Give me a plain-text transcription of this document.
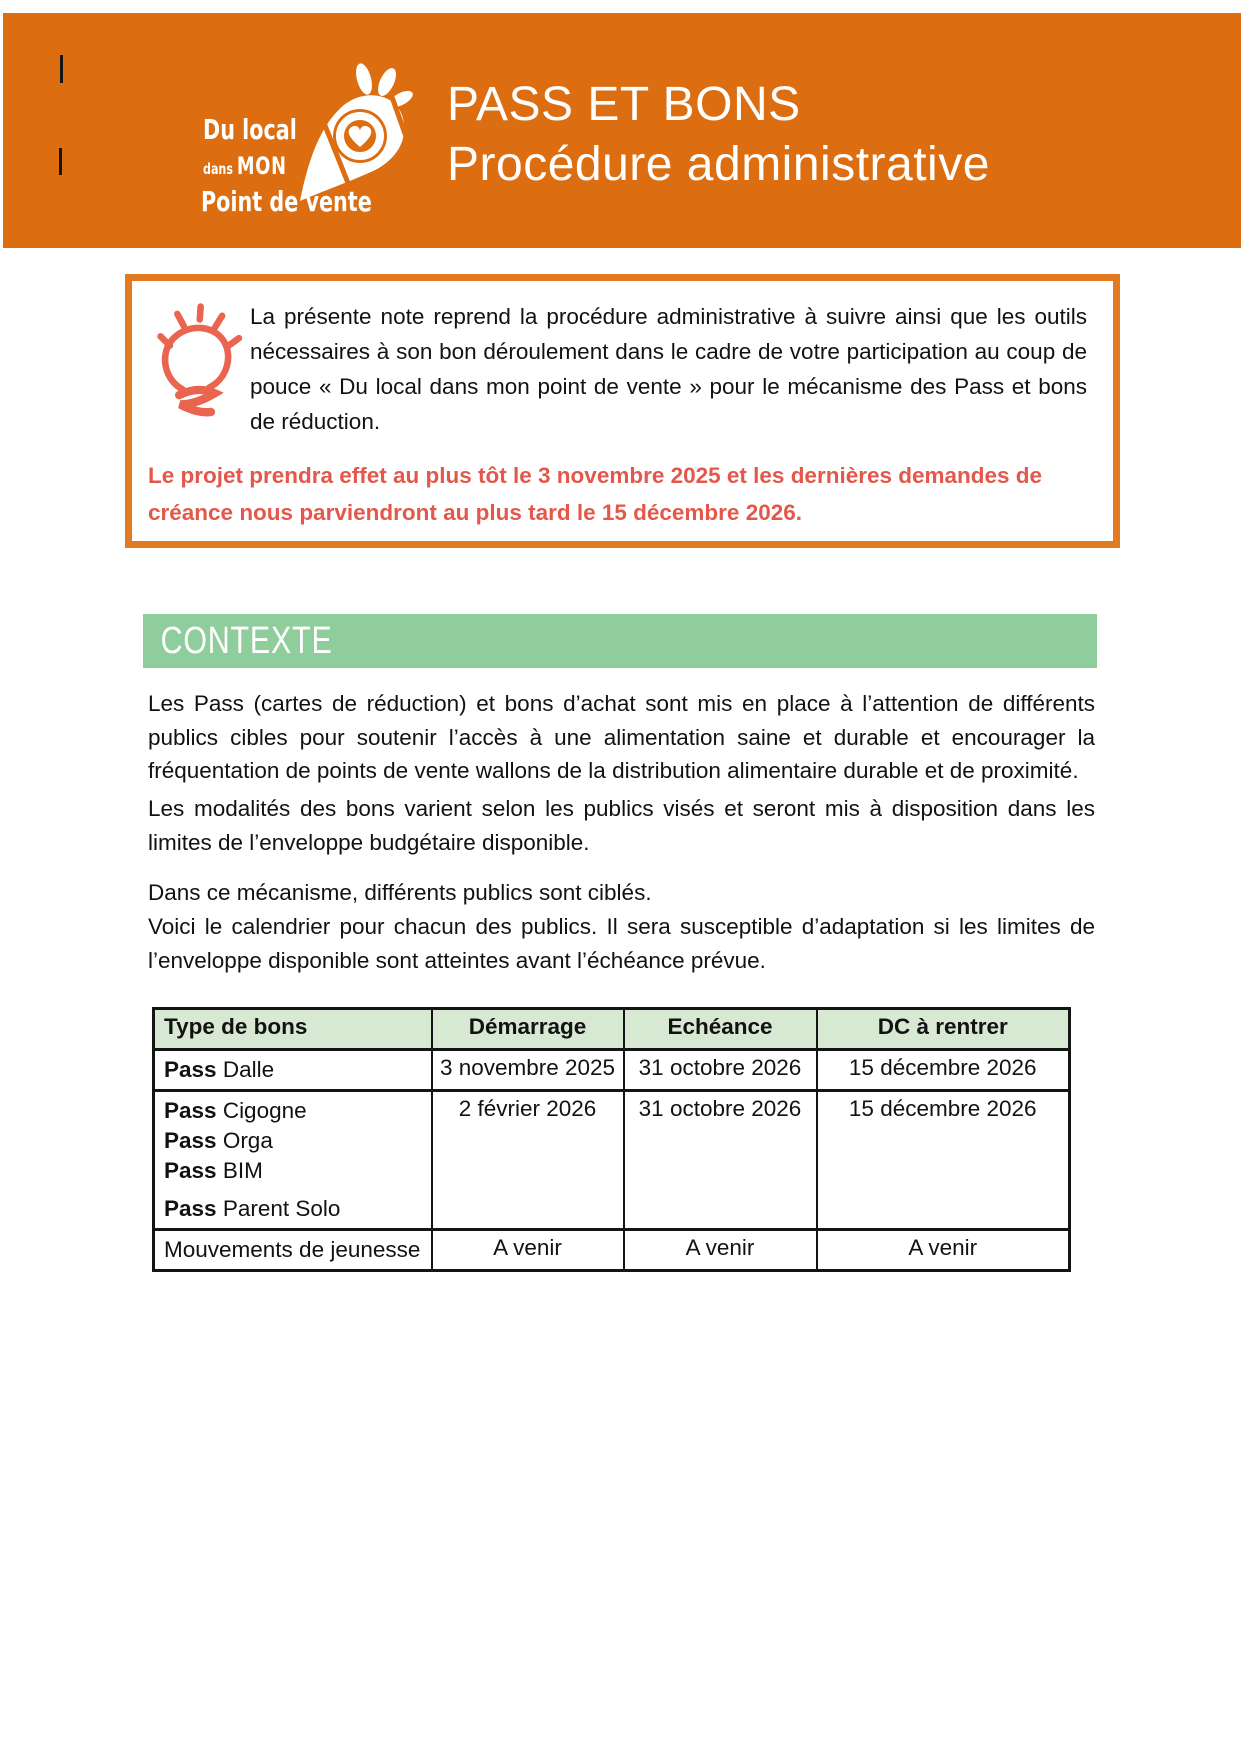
Du local
dans MON
Point de vente
PASS ET BONS
Procédure administrative
La présente note reprend la procédure administrative à suivre ainsi que les outils nécessaires à son bon déroulement dans le cadre de votre participation au coup de pouce « Du local dans mon point de vente » pour le mécanisme des Pass et bons de réduction.
Le projet prendra effet au plus tôt le 3 novembre 2025 et les dernières demandes de créance nous parviendront au plus tard le 15 décembre 2026.
CONTEXTE
Les Pass (cartes de réduction) et bons d’achat sont mis en place à l’attention de différents publics cibles pour soutenir l’accès à une alimentation saine et durable et encourager la fréquentation de points de vente wallons de la distribution alimentaire durable et de proximité.
Les modalités des bons varient selon les publics visés et seront mis à disposition dans les limites de l’enveloppe budgétaire disponible.
Dans ce mécanisme, différents publics sont ciblés.
Voici le calendrier pour chacun des publics. Il sera susceptible d’adaptation si les limites de l’enveloppe disponible sont atteintes avant l’échéance prévue.
Type de bons	Démarrage	Echéance	DC à rentrer

Pass Dalle	3 novembre 2025	31 octobre 2026	15 décembre 2026

Pass Cigogne
Pass Orga
Pass BIM
Pass Parent Solo	2 février 2026	31 octobre 2026	15 décembre 2026

Mouvements de jeunesse	A venir	A venir	A venir
